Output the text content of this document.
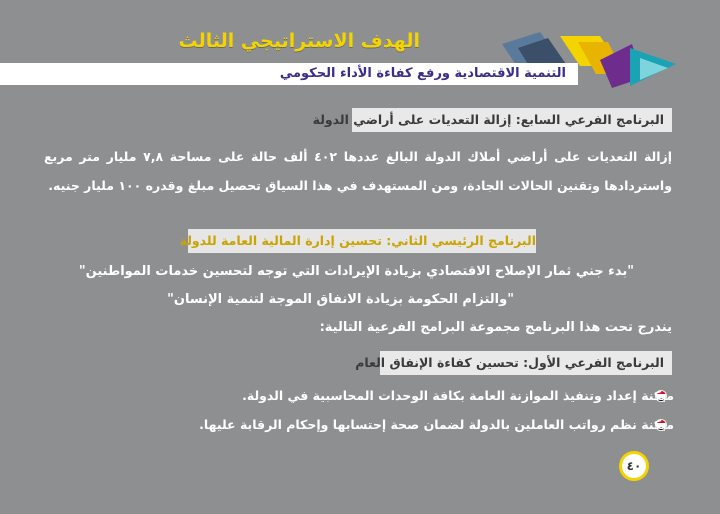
الهدف الاستراتيجي الثالث
التنمية الاقتصادية ورفع كفاءة الأداء الحكومي
البرنامج الفرعي السابع: إزالة التعديات على أراضي الدولة
إزالة التعديات على أراضي أملاك الدولة البالغ عددها ٤٠٢ ألف حالة على مساحة ٧,٨ مليار متر مربع واستردادها وتقنين الحالات الجادة، ومن المستهدف في هذا السياق تحصيل مبلغ وقدره ١٠٠ مليار جنيه.
البرنامج الرئيسي الثاني: تحسين إدارة المالية العامة للدولة
"بدء جني ثمار الإصلاح الاقتصادي بزيادة الإيرادات التي توجه لتحسين خدمات المواطنين"
"والتزام الحكومة بزيادة الانفاق الموجة لتنمية الإنسان"
يندرج تحت هذا البرنامج مجموعة البرامج الفرعية التالية:
البرنامج الفرعي الأول: تحسين كفاءة الإنفاق العام
ميكنة إعداد وتنفيذ الموازنة العامة بكافة الوحدات المحاسبية في الدولة.
ميكنة نظم رواتب العاملين بالدولة لضمان صحة إحتسابها وإحكام الرقابة عليها.
٤٠
